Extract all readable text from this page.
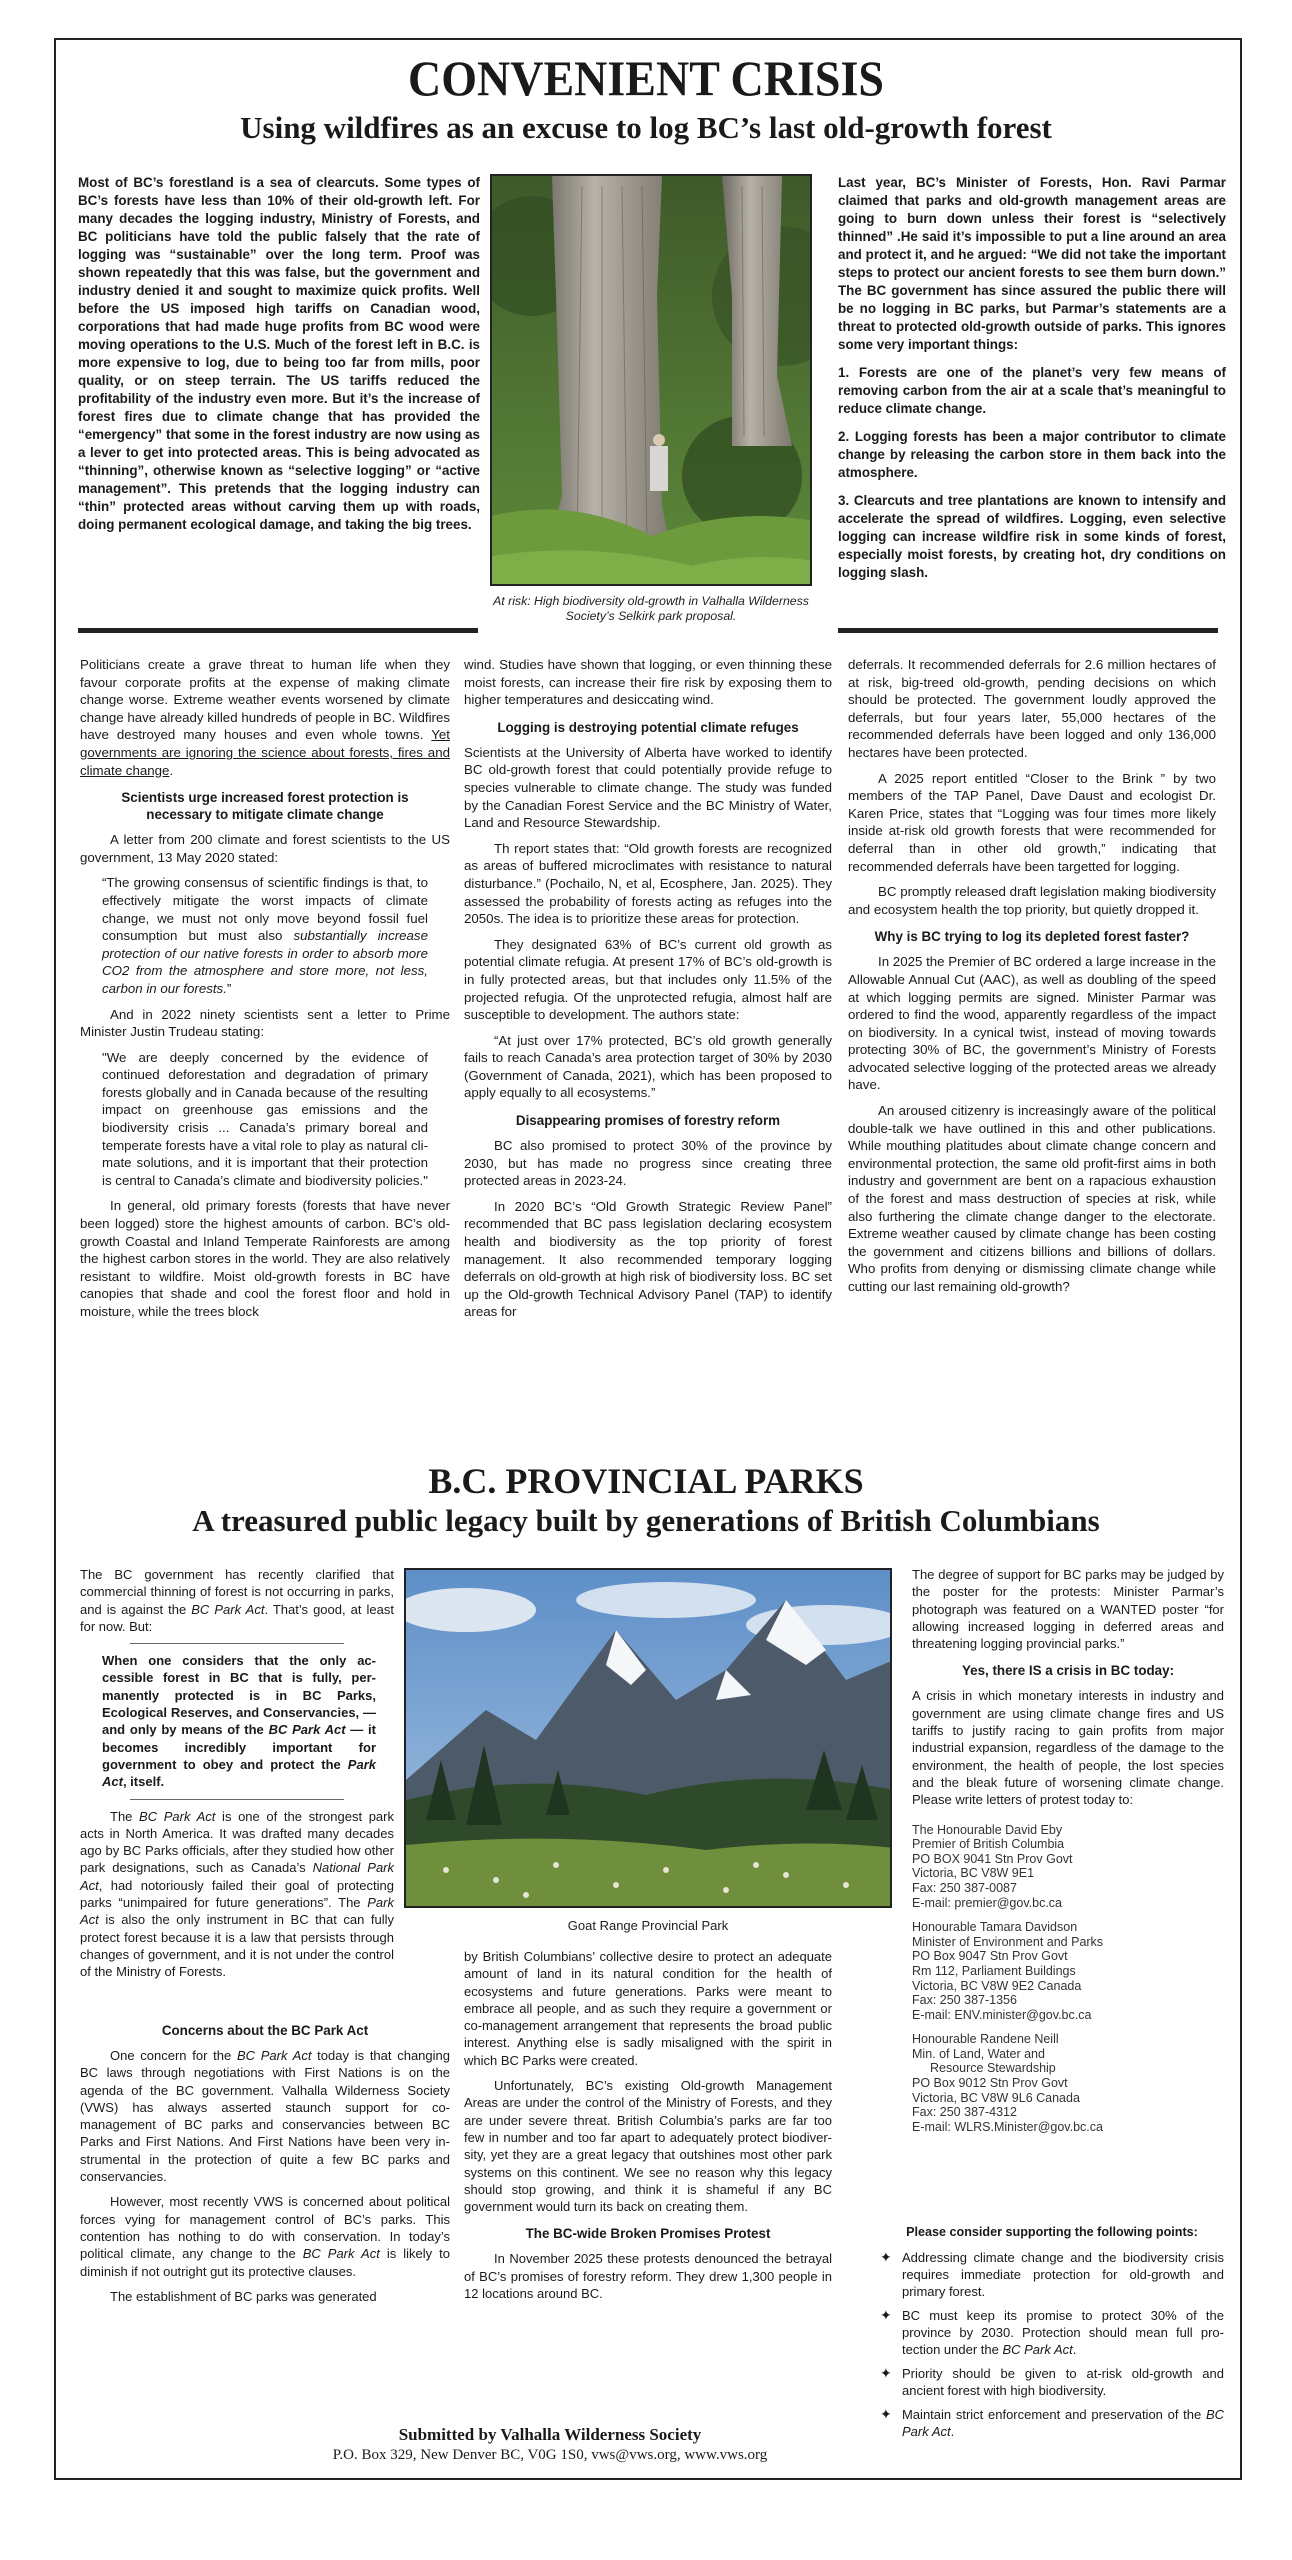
CONVENIENT CRISIS
Using wildfires as an excuse to log BC’s last old-growth forest

Most of BC’s forestland is a sea of clearcuts. Some types of BC’s forests have less than 10% of their old-growth left. For many decades the logging industry, Ministry of Forests, and BC politicians have told the public falsely that the rate of logging was “sustainable” over the long term. Proof was shown repeatedly that this was false, but the government and industry denied it and sought to maximize quick profits. Well before the US imposed high tariffs on Canadian wood, corporations that had made huge profits from BC wood were moving operations to the U.S. Much of the forest left in B.C. is more expensive to log, due to being too far from mills, poor quality, or on steep terrain. The US tariffs reduced the profitability of the industry even more. But it’s the increase of forest fires due to climate change that has provided the “emergency” that some in the forest industry are now using as a lever to get into protected areas. This is being advocated as “thinning”, otherwise known as “selective logging” or “active management”. This pretends that the logging industry can “thin” protected areas without carving them up with roads, doing permanent ecological damage, and taking the big trees.

At risk: High biodiversity old-growth in Valhalla Wilderness Society’s Selkirk park proposal.

Last year, BC’s Minister of Forests, Hon. Ravi Parmar claimed that parks and old-growth management areas are going to burn down unless their forest is “selectively thinned” .He said it’s impossible to put a line around an area and protect it, and he argued: “We did not take the important steps to protect our ancient forests to see them burn down.” The BC government has since assured the public there will be no logging in BC parks, but Parmar’s statements are a threat to protected old-growth outside of parks. This ignores some very important things:

1. Forests are one of the planet’s very few means of removing carbon from the air at a scale that’s meaningful to reduce climate change.

2. Logging forests has been a major contributor to climate change by releasing the carbon store in them back into the atmosphere.

3. Clearcuts and tree plantations are known to intensify and accelerate the spread of wildfires. Logging, even selective logging can increase wildfire risk in some kinds of forest, especially moist forests, by creating hot, dry conditions on logging slash.

Politicians create a grave threat to human life when they favour corporate profits at the expense of making climate change worse. Extreme weather events worsened by climate change have already killed hundreds of people in BC. Wildfires have destroyed many houses and even whole towns. Yet governments are ignoring the science about forests, fires and climate change.

Scientists urge increased forest protection is necessary to mitigate climate change

A letter from 200 climate and forest scientists to the US government, 13 May 2020 stated:

“The growing consensus of scientific findings is that, to effectively mitigate the worst impacts of climate change, we must not only move beyond fossil fuel consumption but must also substantially increase protection of our native forests in order to absorb more CO2 from the atmosphere and store more, not less, carbon in our forests.”

And in 2022 ninety scientists sent a letter to Prime Minister Justin Trudeau stating:

"We are deeply concerned by the evidence of continued deforestation and degradation of primary forests globally and in Canada because of the resulting impact on greenhouse gas emissions and the biodiversity crisis ... Canada’s primary boreal and temperate forests have a vital role to play as natural climate solutions, and it is important that their protection is central to Canada’s climate and biodiversity policies."

In general, old primary forests (forests that have never been logged) store the highest amounts of carbon. BC’s old-growth Coastal and Inland Temperate Rainforests are among the highest carbon stores in the world. They are also relatively resistant to wildfire. Moist old-growth forests in BC have canopies that shade and cool the forest floor and hold in moisture, while the trees block

wind. Studies have shown that logging, or even thinning these moist forests, can increase their fire risk by exposing them to higher temperatures and desiccating wind.

Logging is destroying potential climate refuges

Scientists at the University of Alberta have worked to identify BC old-growth forest that could potentially provide refuge to species vulnerable to climate change. The study was funded by the Canadian Forest Service and the BC Ministry of Water, Land and Resource Stewardship.

Th report states that: “Old growth forests are recognized as areas of buffered microclimates with resistance to natural disturbance.” (Pochailo, N, et al, Ecosphere, Jan. 2025). They assessed the probability of forests acting as refuges into the 2050s. The idea is to prioritize these areas for protection.

They designated 63% of BC’s current old growth as potential climate refugia. At present 17% of BC’s old-growth is in fully protected areas, but that includes only 11.5% of the projected refugia. Of the unprotected refugia, almost half are susceptible to development. The authors state:

“At just over 17% protected, BC’s old growth generally fails to reach Canada’s area protection target of 30% by 2030 (Government of Canada, 2021), which has been proposed to apply equally to all ecosystems.”

Disappearing promises of forestry reform

BC also promised to protect 30% of the province by 2030, but has made no progress since creating three protected areas in 2023-24.

In 2020 BC’s “Old Growth Strategic Review Panel” recommended that BC pass legislation declaring ecosystem health and biodiversity as the top priority of forest management. It also recommended temporary logging deferrals on old-growth at high risk of biodiversity loss. BC set up the Old-growth Technical Advisory Panel (TAP) to identify areas for

deferrals. It recommended deferrals for 2.6 million hectares of at risk, big-treed old-growth, pending decisions on which should be protected. The government loudly approved the deferrals, but four years later, 55,000 hectares of the recommended deferrals have been logged and only 136,000 hectares have been protected.

A 2025 report entitled “Closer to the Brink ” by two members of the TAP Panel, Dave Daust and ecologist Dr. Karen Price, states that “Logging was four times more likely inside at-risk old growth forests that were recommended for deferral than in other old growth,” indicating that recommended deferrals have been targetted for logging.

BC promptly released draft legislation making biodiversity and ecosystem health the top priority, but quietly dropped it.

Why is BC trying to log its depleted forest faster?

In 2025 the Premier of BC ordered a large increase in the Allowable Annual Cut (AAC), as well as doubling of the speed at which logging permits are signed. Minister Parmar was ordered to find the wood, apparently regardless of the impact on biodiversity. In a cynical twist, instead of moving towards protecting 30% of BC, the government’s Ministry of Forests advocated selective logging of the protected areas we already have.

An aroused citizenry is increasingly aware of the political double-talk we have outlined in this and other publications. While mouthing platitudes about climate change concern and environmental protection, the same old profit-first aims in both industry and government are bent on a rapacious exhaustion of the forest and mass destruction of species at risk, while also furthering the climate change danger to the electorate. Extreme weather caused by climate change has been costing the government and citizens billions and billions of dollars. Who profits from denying or dismissing climate change while cutting our last remaining old-growth?

B.C. PROVINCIAL PARKS
A treasured public legacy built by generations of British Columbians

The BC government has recently clarified that commercial thinning of forest is not occurring in parks, and is against the BC Park Act. That’s good, at least for now. But:

When one considers that the only accessible forest in BC that is fully, permanently protected is in BC Parks, Ecological Reserves, and Conservancies, — and only by means of the BC Park Act — it becomes incredibly important for government to obey and protect the Park Act, itself.

The BC Park Act is one of the strongest park acts in North America. It was drafted many decades ago by BC Parks officials, after they studied how other park designations, such as Canada’s National Park Act, had notoriously failed their goal of protecting parks “unimpaired for future generations”. The Park Act is also the only instrument in BC that can fully protect forest because it is a law that persists through changes of government, and it is not under the control of the Ministry of Forests.

Concerns about the BC Park Act

One concern for the BC Park Act today is that changing BC laws through negotiations with First Nations is on the agenda of the BC government. Valhalla Wilderness Society (VWS) has always asserted staunch support for co-management of BC parks and conservancies between BC Parks and First Nations. And First Nations have been very instrumental in the protection of quite a few BC parks and conservancies.

However, most recently VWS is concerned about political forces vying for management control of BC’s parks. This contention has nothing to do with conservation. In today’s political climate, any change to the BC Park Act is likely to diminish if not outright gut its protective clauses.

The establishment of BC parks was generated

Goat Range Provincial Park

by British Columbians’ collective desire to protect an adequate amount of land in its natural condition for the health of ecosystems and future generations. Parks were meant to embrace all people, and as such they require a government or co-management arrangement that represents the broad public interest. Anything else is sadly misaligned with the spirit in which BC Parks were created.

Unfortunately, BC’s existing Old-growth Management Areas are under the control of the Ministry of Forests, and they are under severe threat. British Columbia’s parks are far too few in number and too far apart to adequately protect biodiversity, yet they are a great legacy that outshines most other park systems on this continent. We see no reason why this legacy should stop growing, and think it is shameful if any BC government would turn its back on creating them.

The BC-wide Broken Promises Protest

In November 2025 these protests denounced the betrayal of BC’s promises of forestry reform. They drew 1,300 people in 12 locations around BC.

The degree of support for BC parks may be judged by the poster for the protests: Minister Parmar’s photograph was featured on a WANTED poster “for allowing increased logging in deferred areas and threatening logging provincial parks.”

Yes, there IS a crisis in BC today:

A crisis in which monetary interests in industry and government are using climate change fires and US tariffs to justify racing to gain profits from major industrial expansion, regardless of the damage to the environment, the health of people, the lost species and the bleak future of worsening climate change. Please write letters of protest today to:

The Honourable David Eby
Premier of British Columbia
PO BOX 9041 Stn Prov Govt
Victoria, BC V8W 9E1
Fax: 250 387-0087
E-mail: premier@gov.bc.ca
Honourable Tamara Davidson
Minister of Environment and Parks
PO Box 9047 Stn Prov Govt
Rm 112, Parliament Buildings
Victoria, BC V8W 9E2 Canada
Fax: 250 387-1356
E-mail: ENV.minister@gov.bc.ca
Honourable Randene Neill
Min. of Land, Water and
Resource Stewardship
PO Box 9012 Stn Prov Govt
Victoria, BC V8W 9L6 Canada
Fax: 250 387-4312
E-mail: WLRS.Minister@gov.bc.ca
Please consider supporting the following points:
✦ Addressing climate change and the biodiversity crisis requires immediate protection for old-growth and primary forest.
✦ BC must keep its promise to protect 30% of the province by 2030. Protection should mean full protection under the BC Park Act.
✦ Priority should be given to at-risk old-growth and ancient forest with high biodiversity.
✦ Maintain strict enforcement and preservation of the BC Park Act.
Submitted by Valhalla Wilderness Society
P.O. Box 329, New Denver BC, V0G 1S0, vws@vws.org, www.vws.org
